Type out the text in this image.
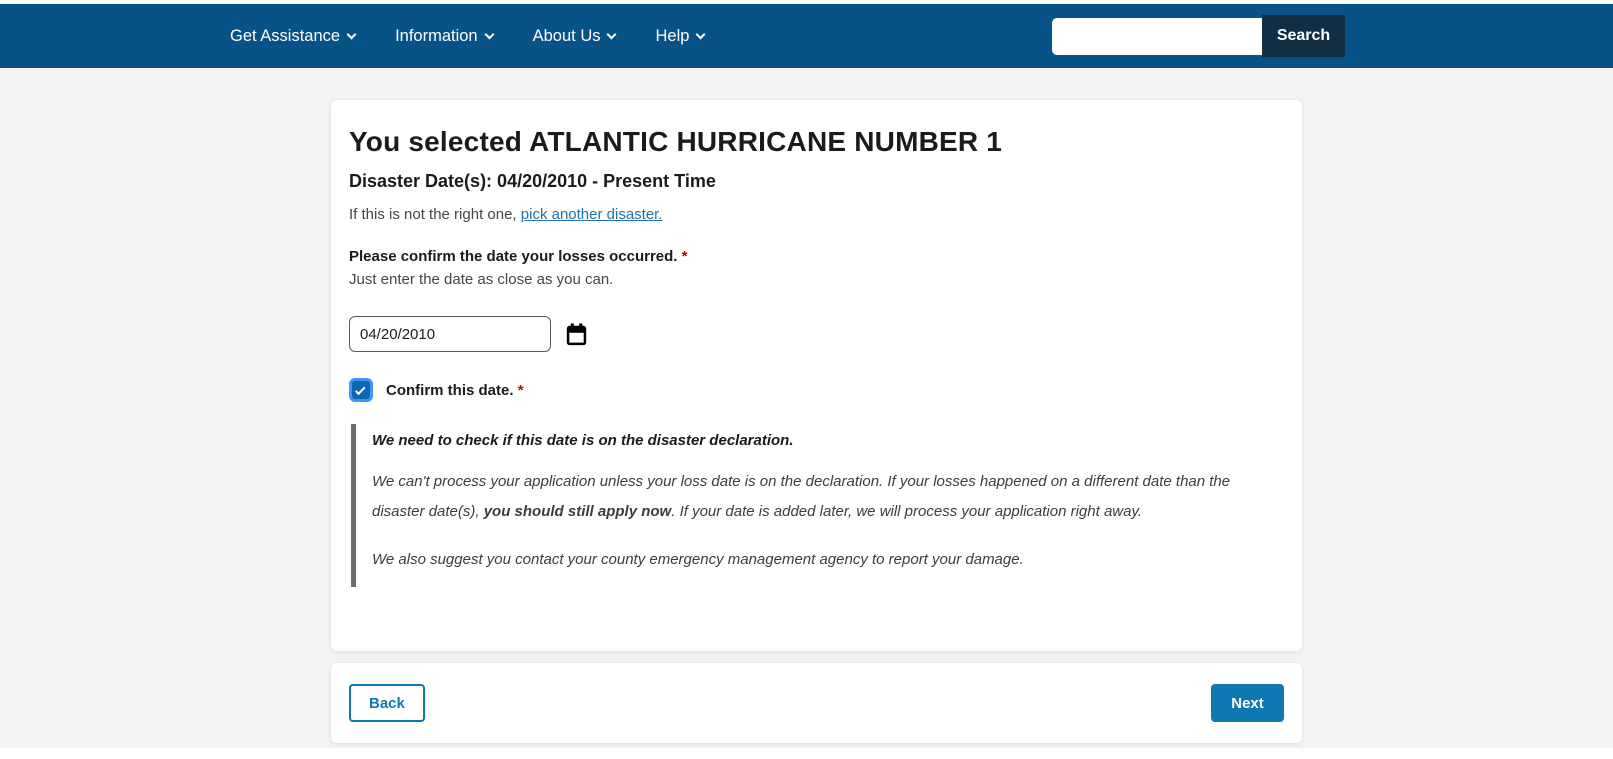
Get Assistance	Information	About Us	Help	Search
You selected ATLANTIC HURRICANE NUMBER 1
Disaster Date(s): 04/20/2010 - Present Time

If this is not the right one, pick another disaster.

Please confirm the date your losses occurred. *

Just enter the date as close as you can.

04/20/2010
Confirm this date. *

We need to check if this date is on the disaster declaration.

We can't process your application unless your loss date is on the declaration. If your losses happened on a different date than the disaster date(s), you should still apply now. If your date is added later, we will process your application right away.

We also suggest you contact your county emergency management agency to report your damage.

Back	Next
